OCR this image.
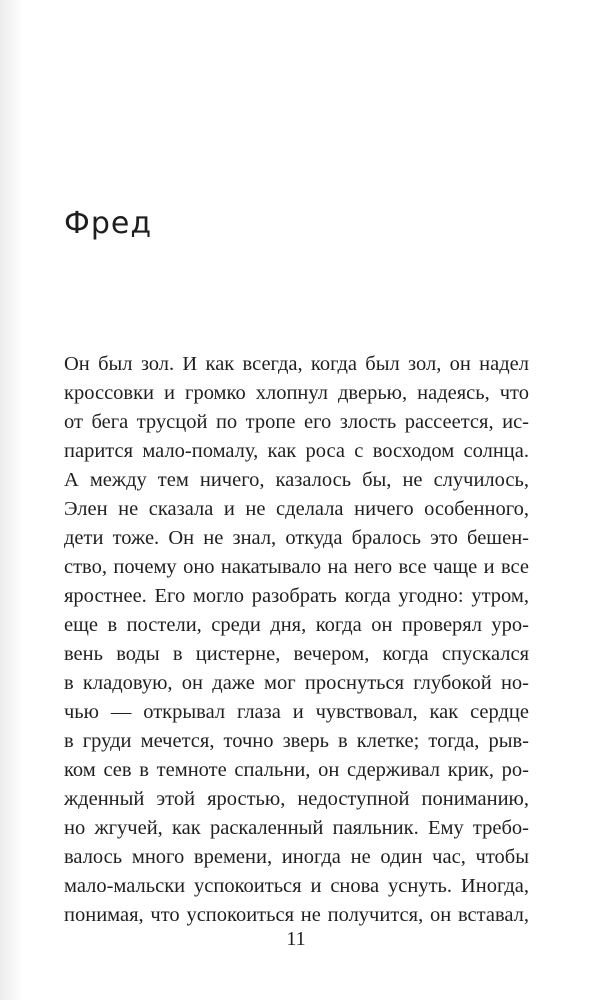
Фред
Он был зол. И как всегда, когда был зол, он надел
кроссовки и громко хлопнул дверью, надеясь, что
от бега трусцой по тропе его злость рассеется, ис-
парится мало-помалу, как роса с восходом солнца.
А между тем ничего, казалось бы, не случилось,
Элен не сказала и не сделала ничего особенного,
дети тоже. Он не знал, откуда бралось это бешен-
ство, почему оно накатывало на него все чаще и все
яростнее. Его могло разобрать когда угодно: утром,
еще в постели, среди дня, когда он проверял уро-
вень воды в цистерне, вечером, когда спускался
в кладовую, он даже мог проснуться глубокой но-
чью — открывал глаза и чувствовал, как сердце
в груди мечется, точно зверь в клетке; тогда, рыв-
ком сев в темноте спальни, он сдерживал крик, ро-
жденный этой яростью, недоступной пониманию,
но жгучей, как раскаленный паяльник. Ему требо-
валось много времени, иногда не один час, чтобы
мало-мальски успокоиться и снова уснуть. Иногда,
понимая, что успокоиться не получится, он вставал,
11
